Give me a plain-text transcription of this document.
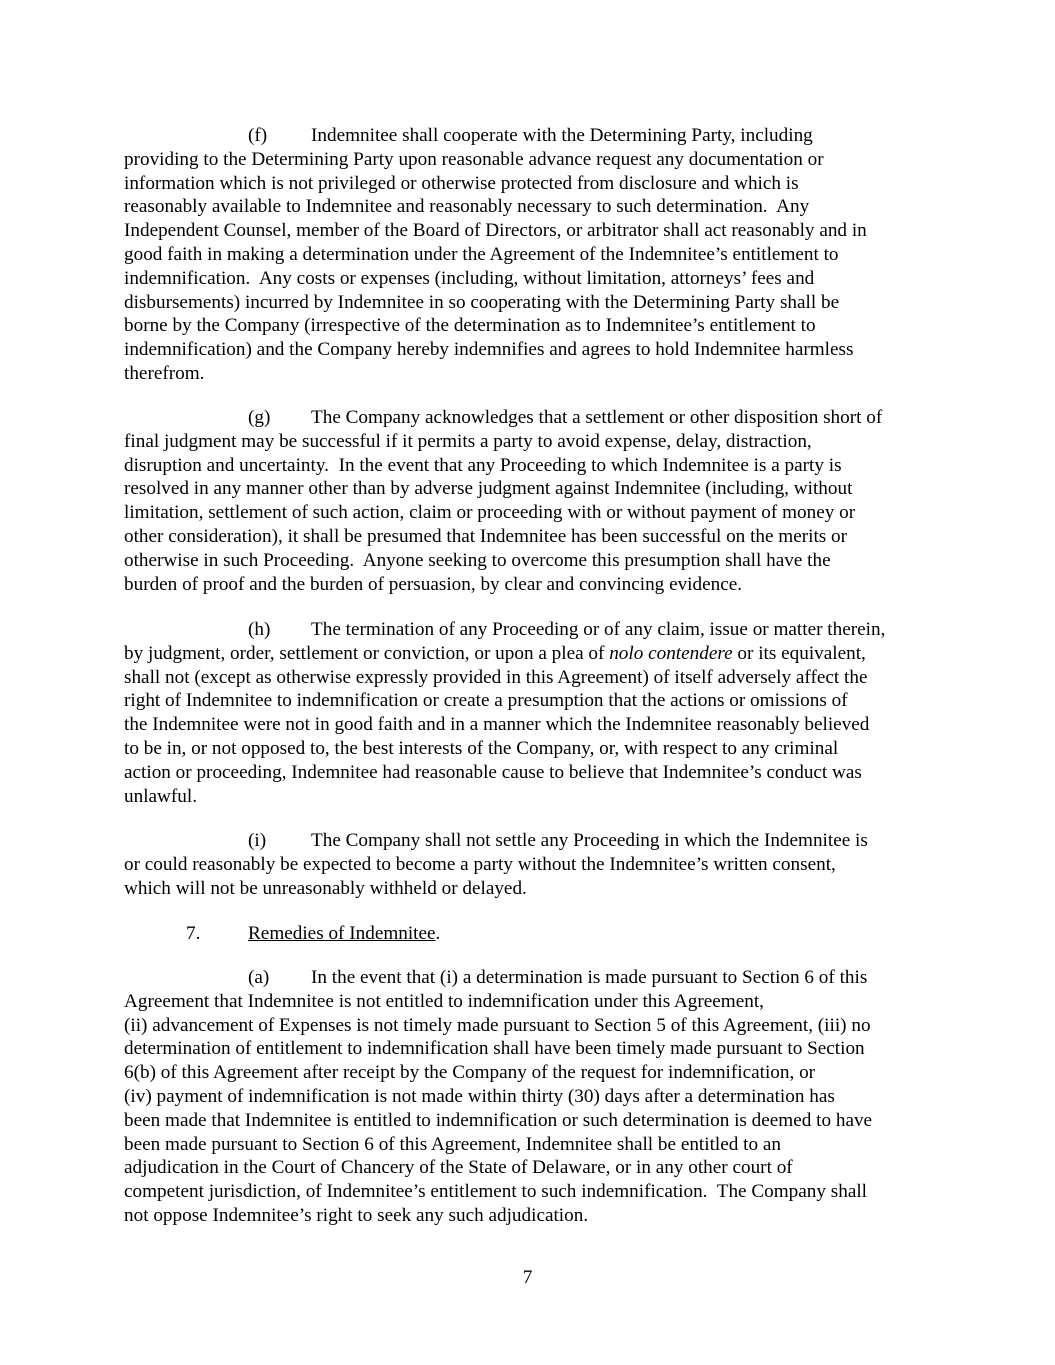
(f) Indemnitee shall cooperate with the Determining Party, including
providing to the Determining Party upon reasonable advance request any documentation or
information which is not privileged or otherwise protected from disclosure and which is
reasonably available to Indemnitee and reasonably necessary to such determination.  Any
Independent Counsel, member of the Board of Directors, or arbitrator shall act reasonably and in
good faith in making a determination under the Agreement of the Indemnitee’s entitlement to
indemnification.  Any costs or expenses (including, without limitation, attorneys’ fees and
disbursements) incurred by Indemnitee in so cooperating with the Determining Party shall be
borne by the Company (irrespective of the determination as to Indemnitee’s entitlement to
indemnification) and the Company hereby indemnifies and agrees to hold Indemnitee harmless
therefrom.
(g) The Company acknowledges that a settlement or other disposition short of
final judgment may be successful if it permits a party to avoid expense, delay, distraction,
disruption and uncertainty.  In the event that any Proceeding to which Indemnitee is a party is
resolved in any manner other than by adverse judgment against Indemnitee (including, without
limitation, settlement of such action, claim or proceeding with or without payment of money or
other consideration), it shall be presumed that Indemnitee has been successful on the merits or
otherwise in such Proceeding.  Anyone seeking to overcome this presumption shall have the
burden of proof and the burden of persuasion, by clear and convincing evidence.
(h) The termination of any Proceeding or of any claim, issue or matter therein,
by judgment, order, settlement or conviction, or upon a plea of nolo contendere or its equivalent,
shall not (except as otherwise expressly provided in this Agreement) of itself adversely affect the
right of Indemnitee to indemnification or create a presumption that the actions or omissions of
the Indemnitee were not in good faith and in a manner which the Indemnitee reasonably believed
to be in, or not opposed to, the best interests of the Company, or, with respect to any criminal
action or proceeding, Indemnitee had reasonable cause to believe that Indemnitee’s conduct was
unlawful.
(i) The Company shall not settle any Proceeding in which the Indemnitee is
or could reasonably be expected to become a party without the Indemnitee’s written consent,
which will not be unreasonably withheld or delayed.
7. Remedies of Indemnitee.
(a) In the event that (i) a determination is made pursuant to Section 6 of this
Agreement that Indemnitee is not entitled to indemnification under this Agreement,
(ii) advancement of Expenses is not timely made pursuant to Section 5 of this Agreement, (iii) no
determination of entitlement to indemnification shall have been timely made pursuant to Section
6(b) of this Agreement after receipt by the Company of the request for indemnification, or
(iv) payment of indemnification is not made within thirty (30) days after a determination has
been made that Indemnitee is entitled to indemnification or such determination is deemed to have
been made pursuant to Section 6 of this Agreement, Indemnitee shall be entitled to an
adjudication in the Court of Chancery of the State of Delaware, or in any other court of
competent jurisdiction, of Indemnitee’s entitlement to such indemnification.  The Company shall
not oppose Indemnitee’s right to seek any such adjudication.
7
